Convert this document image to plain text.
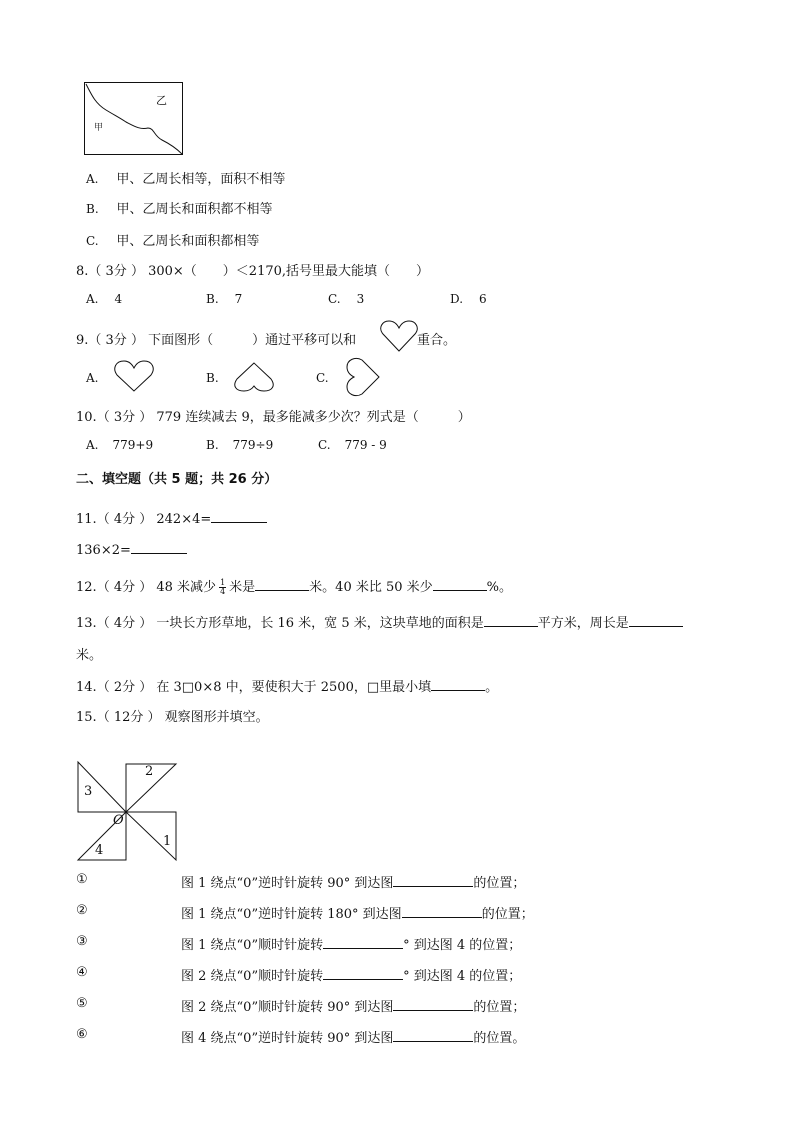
乙
甲
A. 甲、乙周长相等，面积不相等
B. 甲、乙周长和面积都不相等
C. 甲、乙周长和面积都相等
8.（ 3分 ） 300×（　　）＜2170,括号里最大能填（　　）
A. 4	B. 7	C. 3	D. 6
9.（ 3分 ） 下面图形（　　　）通过平移可以和	重合。
A.	B.	C.
10.（ 3分 ） 779 连续减去 9，最多能减多少次？列式是（　　　）
A. 779+9	B. 779÷9	C. 779 - 9
二、填空题（共 5 题；共 26 分）
11.（ 4分 ） 242×4=
136×2=
12.（ 4分 ） 48 米减少 $\frac{1}{4}$ 米是	米。40 米比 50 米少	%。
13.（ 4分 ） 一块长方形草地，长 16 米，宽 5 米，这块草地的面积是	平方米，周长是
米。
14.（ 2分 ） 在 3□0×8 中，要使积大于 2500，□里最小填	。
15.（ 12分 ） 观察图形并填空。
3
2
1
4
O
①	图 1 绕点“0”逆时针旋转 90° 到达图	的位置；
②	图 1 绕点“0”逆时针旋转 180° 到达图	的位置；
③	图 1 绕点“0”顺时针旋转	° 到达图 4 的位置；
④	图 2 绕点“0”顺时针旋转	° 到达图 4 的位置；
⑤	图 2 绕点“0”顺时针旋转 90° 到达图	的位置；
⑥	图 4 绕点“0”逆时针旋转 90° 到达图	的位置。
